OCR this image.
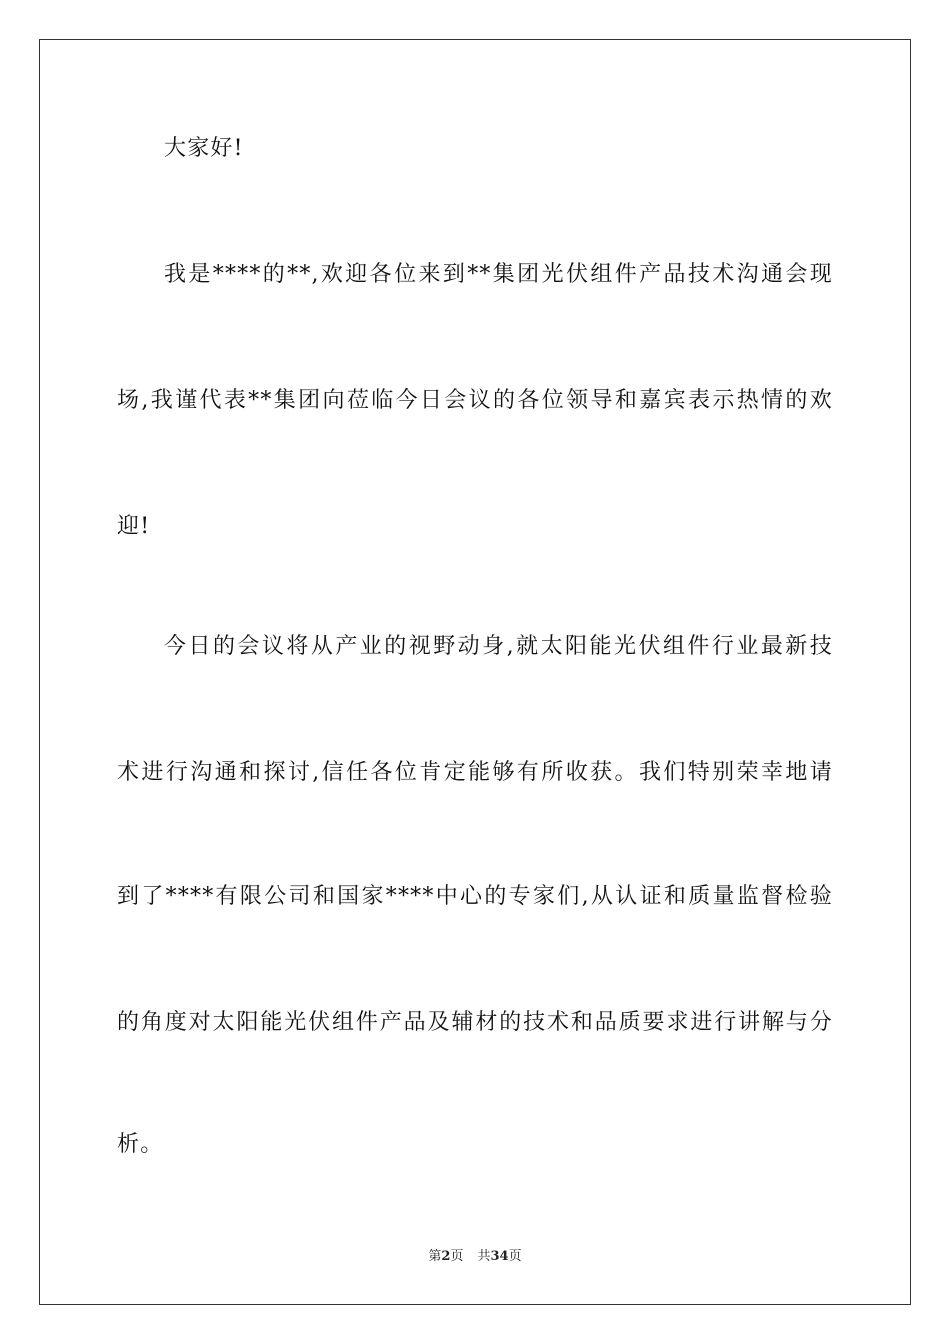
大家好!
我是****的**,欢迎各位来到**集团光伏组件产品技术沟通会现
场,我谨代表**集团向莅临今日会议的各位领导和嘉宾表示热情的欢
迎!
今日的会议将从产业的视野动身,就太阳能光伏组件行业最新技
术进行沟通和探讨,信任各位肯定能够有所收获。我们特别荣幸地请
到了****有限公司和国家****中心的专家们,从认证和质量监督检验
的角度对太阳能光伏组件产品及辅材的技术和品质要求进行讲解与分
析。
第2页 共34页
